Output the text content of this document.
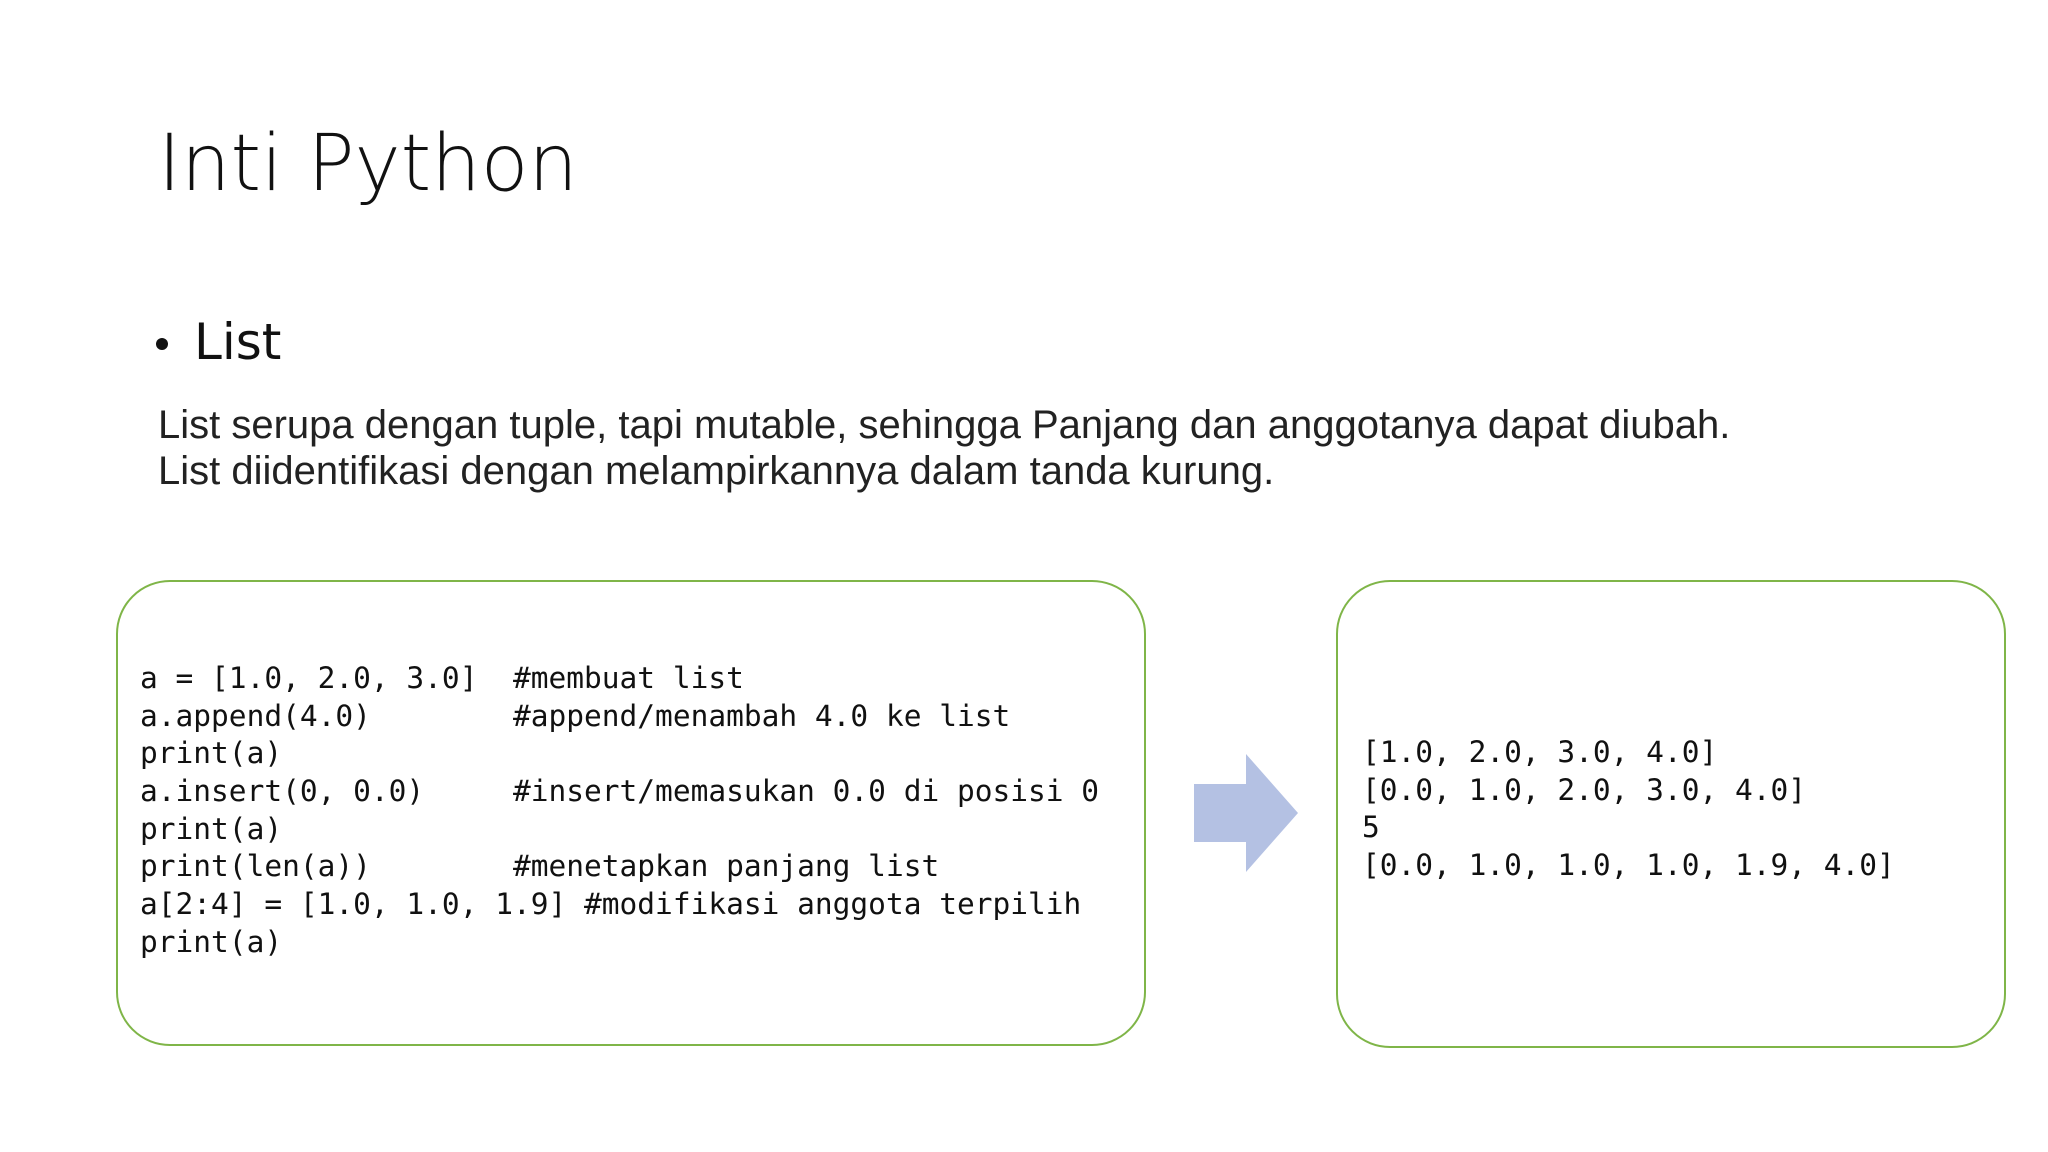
Inti Python
List
List serupa dengan tuple, tapi mutable, sehingga Panjang dan anggotanya dapat diubah.
List diidentifikasi dengan melampirkannya dalam tanda kurung.
a = [1.0, 2.0, 3.0]  #membuat list
a.append(4.0)        #append/menambah 4.0 ke list
print(a)
a.insert(0, 0.0)     #insert/memasukan 0.0 di posisi 0
print(a)
print(len(a))        #menetapkan panjang list
a[2:4] = [1.0, 1.0, 1.9] #modifikasi anggota terpilih
print(a)
[1.0, 2.0, 3.0, 4.0]
[0.0, 1.0, 2.0, 3.0, 4.0]
5
[0.0, 1.0, 1.0, 1.0, 1.9, 4.0]
